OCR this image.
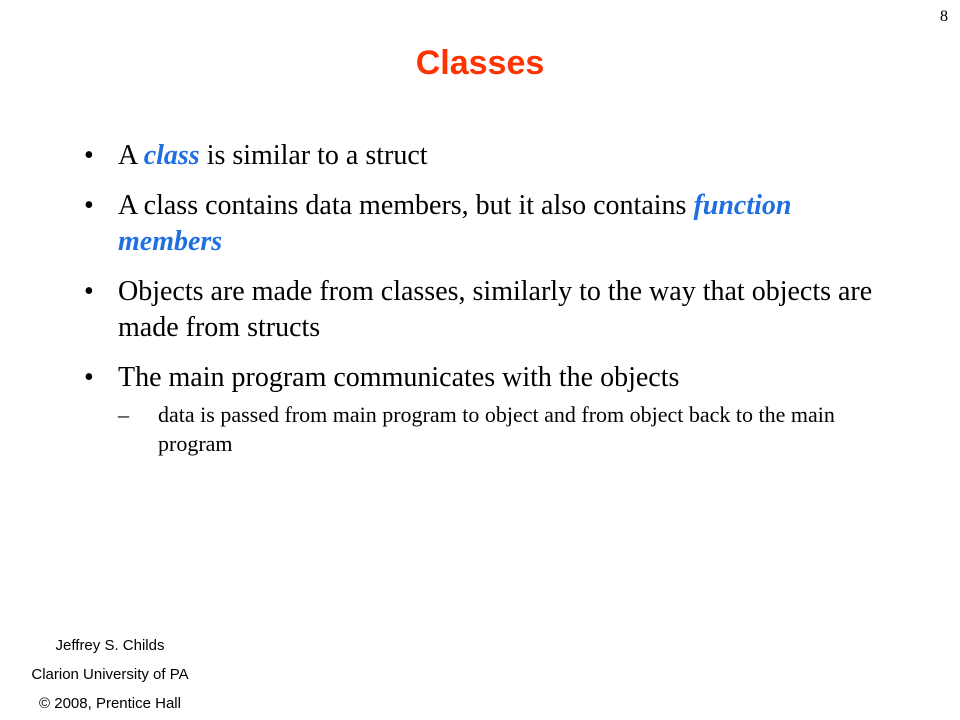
8
Classes
• A class is similar to a struct
• A class contains data members, but it also contains function members
• Objects are made from classes, similarly to the way that objects are made from structs
• The main program communicates with the objects
– data is passed from main program to object and from object back to the main program
Jeffrey S. Childs
Clarion University of PA
© 2008, Prentice Hall
